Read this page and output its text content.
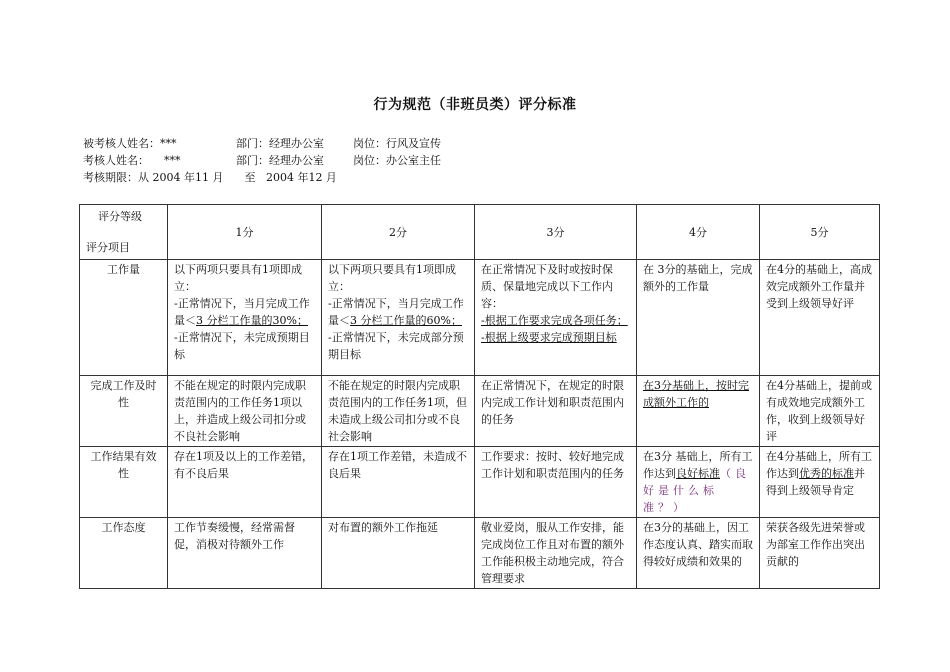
行为规范（非班员类）评分标准
被考核人姓名：***	部门：经理办公室	岗位：行风及宣传
考核人姓名： ***	部门：经理办公室	岗位：办公室主任
考核期限：从 2004 年11 月      至   2004 年12 月
评分等级
评分项目	1分	2分	3分	4分	5分
工作量	以下两项只要具有1项即成立：
-正常情况下，当月完成工作量＜3 分栏工作量的30%；
-正常情况下，未完成预期目标	以下两项只要具有1项即成立：
-正常情况下，当月完成工作量＜3 分栏工作量的60%；
-正常情况下，未完成部分预期目标	在正常情况下及时或按时保质、保量地完成以下工作内容：
-根据工作要求完成各项任务；
-根据上级要求完成预期目标	在 3分的基础上，完成额外的工作量	在4分的基础上，高成效完成额外工作量并受到上级领导好评
完成工作及时性	不能在规定的时限内完成职责范围内的工作任务1项以上，并造成上级公司扣分或不良社会影响	不能在规定的时限内完成职责范围内的工作任务1项，但未造成上级公司扣分或不良社会影响	在正常情况下，在规定的时限内完成工作计划和职责范围内的任务	在3分基础上，按时完成额外工作的	在4分基础上，提前或有成效地完成额外工作，收到上级领导好评
工作结果有效性	存在1项及以上的工作差错，有不良后果	存在1项工作差错，未造成不良后果	工作要求：按时、较好地完成工作计划和职责范围内的任务	在3分 基础上，所有工作达到良好标准（良好是什么标准？）	在4分基础上，所有工作达到优秀的标准并得到上级领导肯定
工作态度	工作节奏缓慢，经常需督促，消极对待额外工作	对布置的额外工作拖延	敬业爱岗，服从工作安排，能完成岗位工作且对布置的额外工作能积极主动地完成，符合管理要求	在3分的基础上，因工作态度认真、踏实而取得较好成绩和效果的	荣获各级先进荣誉或为部室工作作出突出贡献的
